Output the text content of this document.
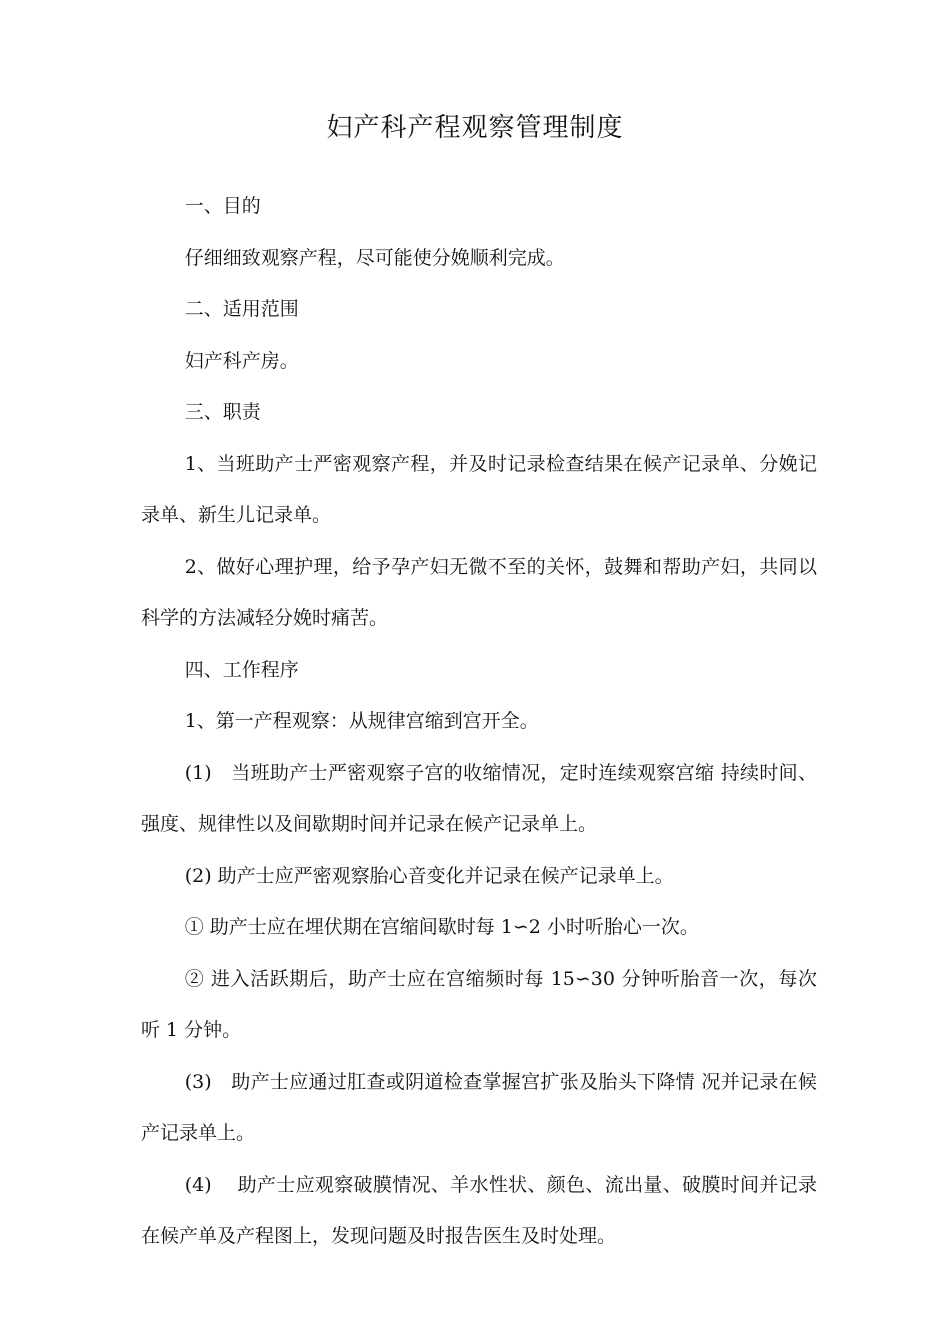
妇产科产程观察管理制度

一、目的

仔细细致观察产程，尽可能使分娩顺利完成。

二、适用范围

妇产科产房。

三、职责

1、当班助产士严密观察产程，并及时记录检查结果在候产记录单、分娩记录单、新生儿记录单。

2、做好心理护理，给予孕产妇无微不至的关怀，鼓舞和帮助产妇，共同以科学的方法减轻分娩时痛苦。

四、工作程序

1、第一产程观察：从规律宫缩到宫开全。

(1)　当班助产士严密观察子宫的收缩情况，定时连续观察宫缩 持续时间、强度、规律性以及间歇期时间并记录在候产记录单上。

(2) 助产士应严密观察胎心音变化并记录在候产记录单上。

① 助产士应在埋伏期在宫缩间歇时每 1∽2 小时听胎心一次。

② 进入活跃期后，助产士应在宫缩频时每 15∽30 分钟听胎音一次，每次听 1 分钟。

(3)　助产士应通过肛查或阴道检查掌握宫扩张及胎头下降情 况并记录在候产记录单上。

(4)　 助产士应观察破膜情况、羊水性状、颜色、流出量、破膜时间并记录在候产单及产程图上，发现问题及时报告医生及时处理。
